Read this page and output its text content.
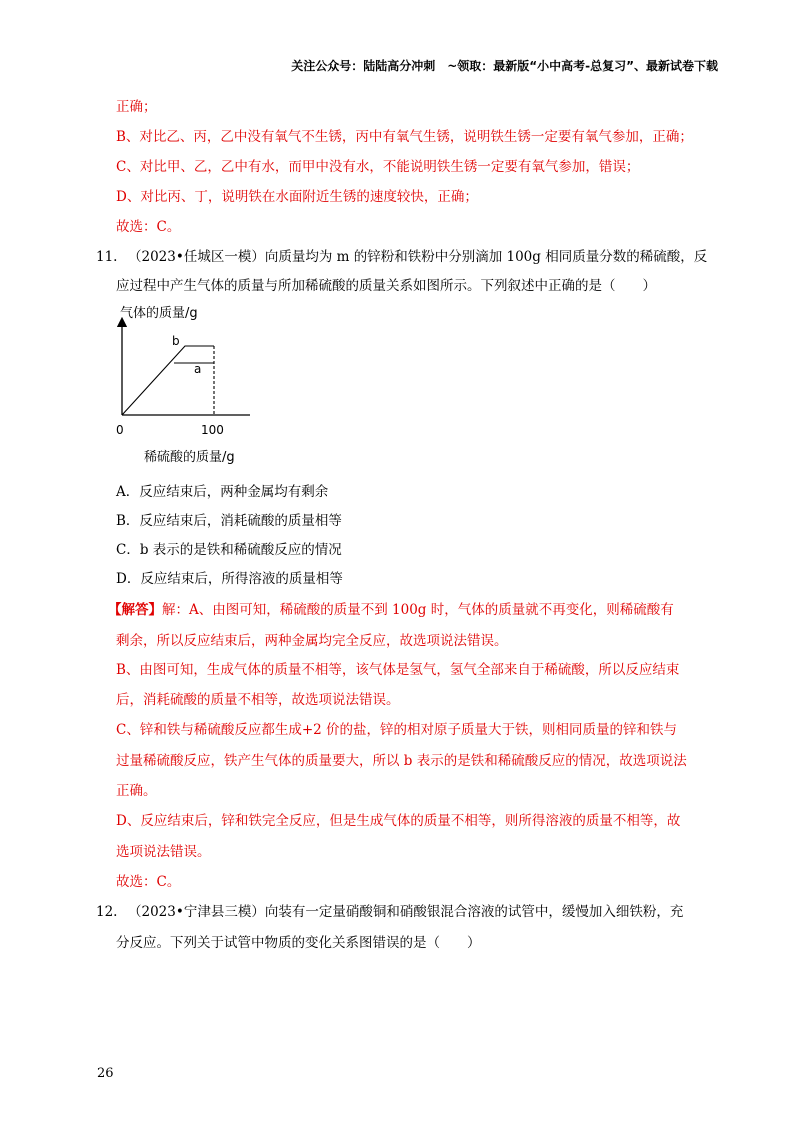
关注公众号：陆陆高分冲刺　~领取：最新版“小中高考-总复习”、最新试卷下载
正确；
B、对比乙、丙，乙中没有氧气不生锈，丙中有氧气生锈，说明铁生锈一定要有氧气参加，正确；
C、对比甲、乙，乙中有水，而甲中没有水，不能说明铁生锈一定要有氧气参加，错误；
D、对比丙、丁，说明铁在水面附近生锈的速度较快，正确；
故选：C。
11. （2023•任城区一模）向质量均为 m 的锌粉和铁粉中分别滴加 100g 相同质量分数的稀硫酸，反
应过程中产生气体的质量与所加稀硫酸的质量关系如图所示。下列叙述中正确的是（　　）
气体的质量/g
b
a
0	100
稀硫酸的质量/g
A．反应结束后，两种金属均有剩余
B．反应结束后，消耗硫酸的质量相等
C．b 表示的是铁和稀硫酸反应的情况
D．反应结束后，所得溶液的质量相等
【解答】解：A、由图可知，稀硫酸的质量不到 100g 时，气体的质量就不再变化，则稀硫酸有
剩余，所以反应结束后，两种金属均完全反应，故选项说法错误。
B、由图可知，生成气体的质量不相等，该气体是氢气，氢气全部来自于稀硫酸，所以反应结束
后，消耗硫酸的质量不相等，故选项说法错误。
C、锌和铁与稀硫酸反应都生成+2 价的盐，锌的相对原子质量大于铁，则相同质量的锌和铁与
过量稀硫酸反应，铁产生气体的质量要大，所以 b 表示的是铁和稀硫酸反应的情况，故选项说法
正确。
D、反应结束后，锌和铁完全反应，但是生成气体的质量不相等，则所得溶液的质量不相等，故
选项说法错误。
故选：C。
12. （2023•宁津县三模）向装有一定量硝酸铜和硝酸银混合溶液的试管中，缓慢加入细铁粉，充
分反应。下列关于试管中物质的变化关系图错误的是（　　）
26
